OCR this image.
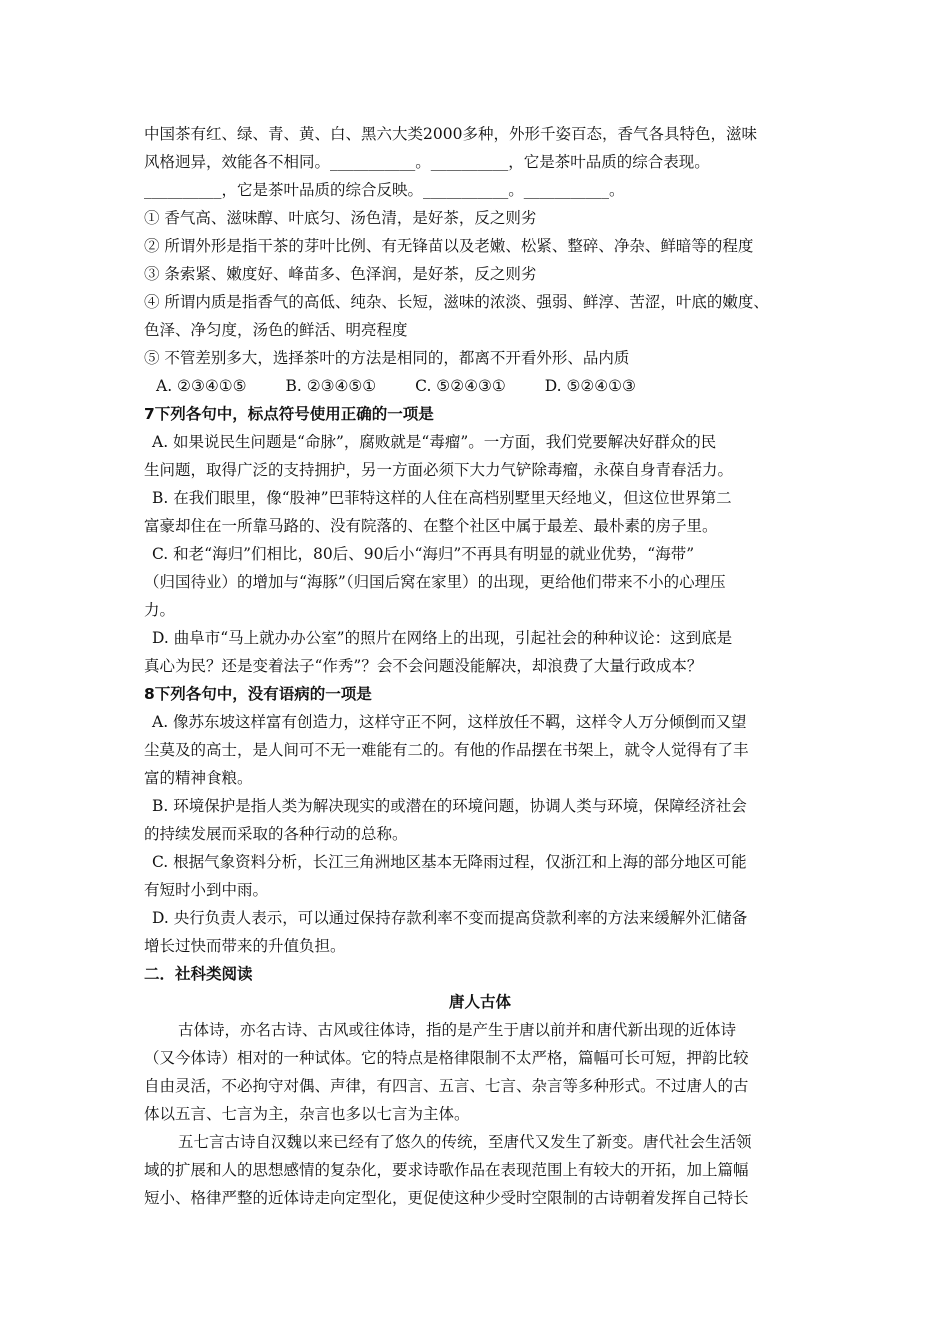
中国茶有红、绿、青、黄、白、黑六大类2000多种，外形千姿百态，香气各具特色，滋味
风格迥异，效能各不相同。___________。__________，它是茶叶品质的综合表现。
__________，它是茶叶品质的综合反映。___________。___________。
① 香气高、滋味醇、叶底匀、汤色清，是好茶，反之则劣
② 所谓外形是指干茶的芽叶比例、有无锋苗以及老嫩、松紧、整碎、净杂、鲜暗等的程度
③ 条索紧、嫩度好、峰苗多、色泽润，是好茶，反之则劣
④ 所谓内质是指香气的高低、纯杂、长短，滋味的浓淡、强弱、鲜淳、苦涩，叶底的嫩度、
色泽、净匀度，汤色的鲜活、明亮程度
⑤ 不管差别多大，选择茶叶的方法是相同的，都离不开看外形、品内质
A. ②③④①⑤	B. ②③④⑤①	C. ⑤②④③①	D. ⑤②④①③
7下列各句中，标点符号使用正确的一项是
A. 如果说民生问题是“命脉”，腐败就是“毒瘤”。一方面，我们党要解决好群众的民
生问题，取得广泛的支持拥护，另一方面必须下大力气铲除毒瘤，永葆自身青春活力。
B. 在我们眼里，像“股神”巴菲特这样的人住在高档别墅里天经地义，但这位世界第二
富豪却住在一所靠马路的、没有院落的、在整个社区中属于最差、最朴素的房子里。
C. 和老“海归”们相比，80后、90后小“海归”不再具有明显的就业优势，“海带”
（归国待业）的增加与“海豚”（归国后窝在家里）的出现，更给他们带来不小的心理压
力。
D. 曲阜市“马上就办办公室”的照片在网络上的出现，引起社会的种种议论：这到底是
真心为民？还是变着法子“作秀”？会不会问题没能解决，却浪费了大量行政成本？
8下列各句中，没有语病的一项是
A. 像苏东坡这样富有创造力，这样守正不阿，这样放任不羁，这样令人万分倾倒而又望
尘莫及的高士，是人间可不无一难能有二的。有他的作品摆在书架上，就令人觉得有了丰
富的精神食粮。
B. 环境保护是指人类为解决现实的或潜在的环境问题，协调人类与环境，保障经济社会
的持续发展而采取的各种行动的总称。
C. 根据气象资料分析，长江三角洲地区基本无降雨过程，仅浙江和上海的部分地区可能
有短时小到中雨。
D. 央行负责人表示，可以通过保持存款利率不变而提高贷款利率的方法来缓解外汇储备
增长过快而带来的升值负担。
二．社科类阅读
唐人古体
古体诗，亦名古诗、古风或往体诗，指的是产生于唐以前并和唐代新出现的近体诗
（又今体诗）相对的一种试体。它的特点是格律限制不太严格，篇幅可长可短，押韵比较
自由灵活，不必拘守对偶、声律，有四言、五言、七言、杂言等多种形式。不过唐人的古
体以五言、七言为主，杂言也多以七言为主体。
五七言古诗自汉魏以来已经有了悠久的传统，至唐代又发生了新变。唐代社会生活领
域的扩展和人的思想感情的复杂化，要求诗歌作品在表现范围上有较大的开拓，加上篇幅
短小、格律严整的近体诗走向定型化，更促使这种少受时空限制的古诗朝着发挥自己特长
